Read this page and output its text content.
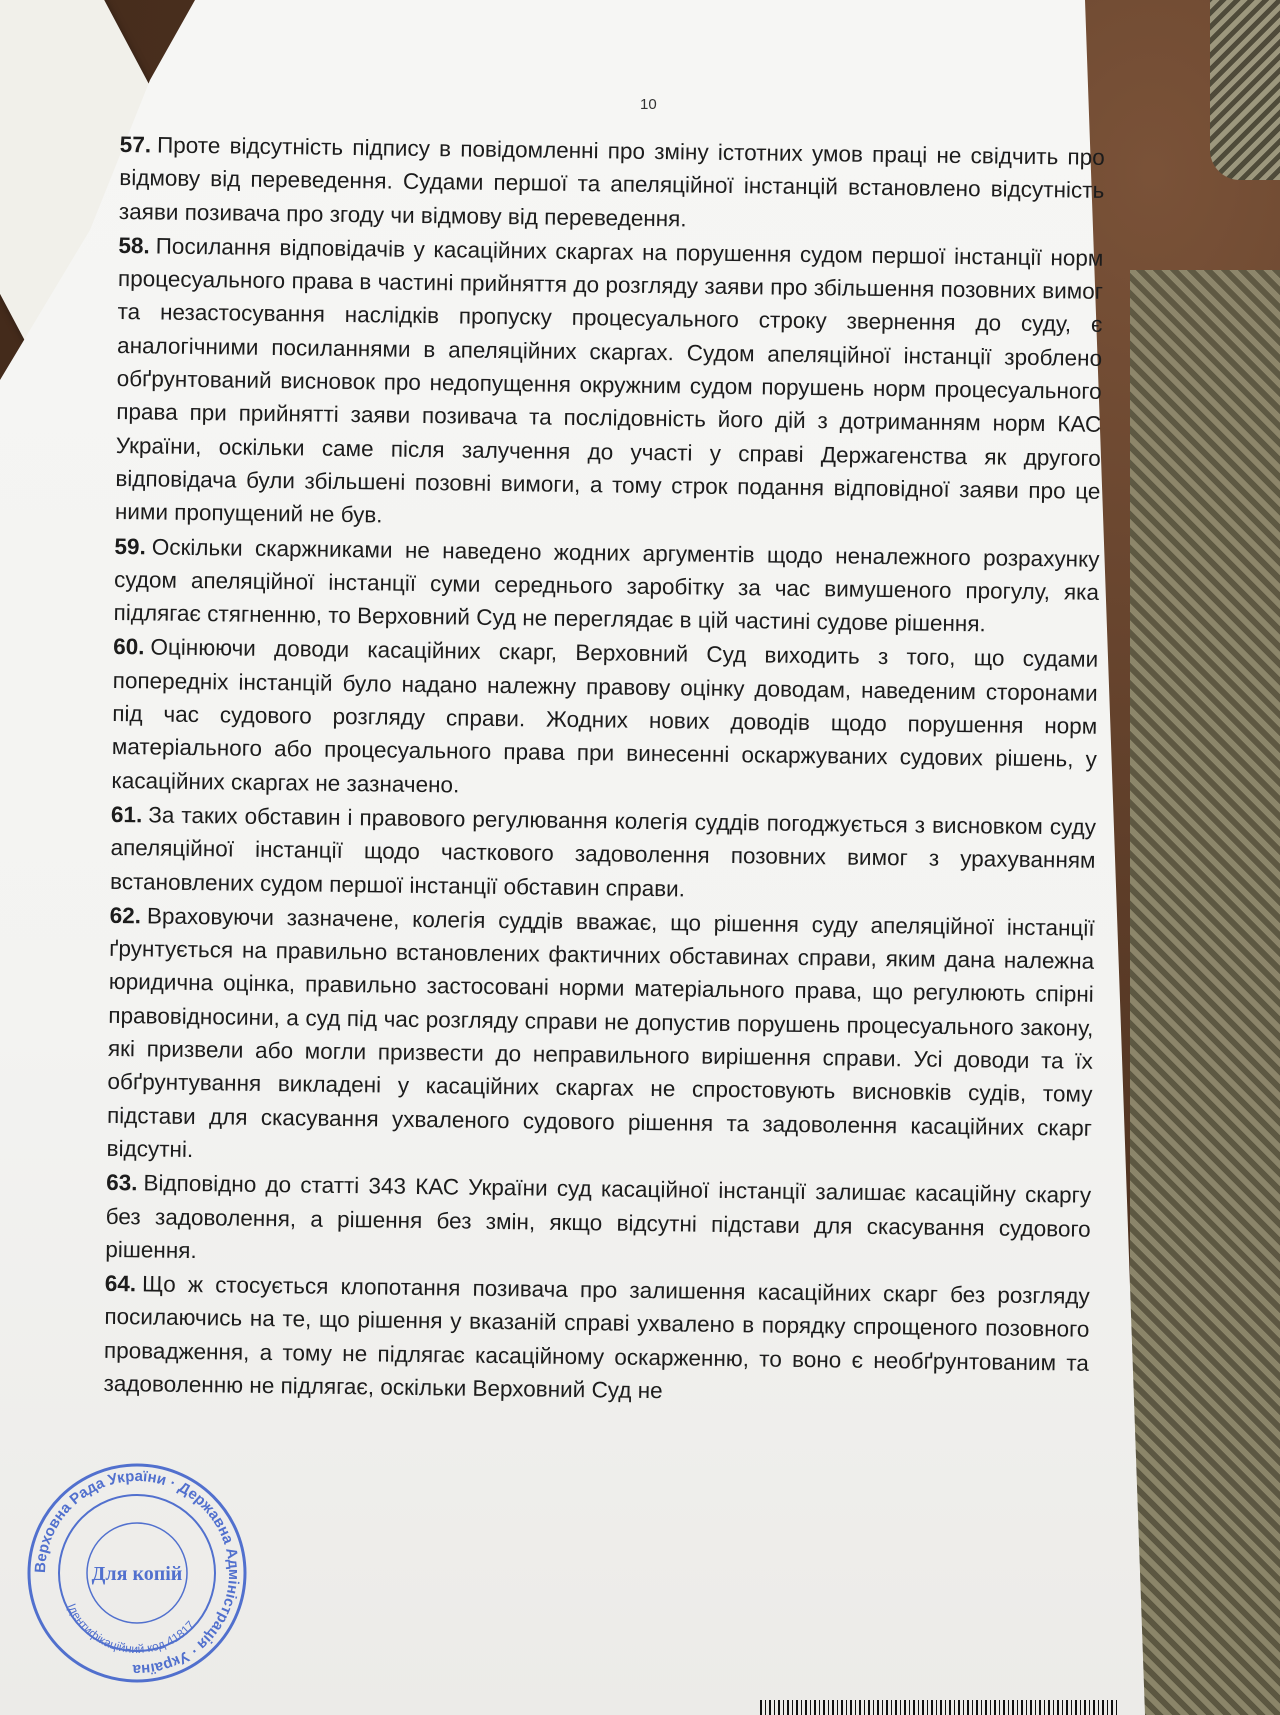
10

57. Проте відсутність підпису в повідомленні про зміну істотних умов праці не свідчить про відмову від переведення. Судами першої та апеляційної інстанцій встановлено відсутність заяви позивача про згоду чи відмову від переведення.

58. Посилання відповідачів у касаційних скаргах на порушення судом першої інстанції норм процесуального права в частині прийняття до розгляду заяви про збільшення позовних вимог та незастосування наслідків пропуску процесуального строку звернення до суду, є аналогічними посиланнями в апеляційних скаргах. Судом апеляційної інстанції зроблено обґрунтований висновок про недопущення окружним судом порушень норм процесуального права при прийнятті заяви позивача та послідовність його дій з дотриманням норм КАС України, оскільки саме після залучення до участі у справі Держагенства як другого відповідача були збільшені позовні вимоги, а тому строк подання відповідної заяви про це ними пропущений не був.

59. Оскільки скаржниками не наведено жодних аргументів щодо неналежного розрахунку судом апеляційної інстанції суми середнього заробітку за час вимушеного прогулу, яка підлягає стягненню, то Верховний Суд не переглядає в цій частині судове рішення.

60. Оцінюючи доводи касаційних скарг, Верховний Суд виходить з того, що судами попередніх інстанцій було надано належну правову оцінку доводам, наведеним сторонами під час судового розгляду справи. Жодних нових доводів щодо порушення норм матеріального або процесуального права при винесенні оскаржуваних судових рішень, у касаційних скаргах не зазначено.

61. За таких обставин і правового регулювання колегія суддів погоджується з висновком суду апеляційної інстанції щодо часткового задоволення позовних вимог з урахуванням встановлених судом першої інстанції обставин справи.

62. Враховуючи зазначене, колегія суддів вважає, що рішення суду апеляційної інстанції ґрунтується на правильно встановлених фактичних обставинах справи, яким дана належна юридична оцінка, правильно застосовані норми матеріального права, що регулюють спірні правовідносини, а суд під час розгляду справи не допустив порушень процесуального закону, які призвели або могли призвести до неправильного вирішення справи. Усі доводи та їх обґрунтування викладені у касаційних скаргах не спростовують висновків судів, тому підстави для скасування ухваленого судового рішення та задоволення касаційних скарг відсутні.

63. Відповідно до статті 343 КАС України суд касаційної інстанції залишає касаційну скаргу без задоволення, а рішення без змін, якщо відсутні підстави для скасування судового рішення.

64. Що ж стосується клопотання позивача про залишення касаційних скарг без розгляду посилаючись на те, що рішення у вказаній справі ухвалено в порядку спрощеного позовного провадження, а тому не підлягає касаційному оскарженню, то воно є необґрунтованим та задоволенню не підлягає, оскільки Верховний Суд не

Верховна Рада України · Державна Адміністрація · Україна
Ідентифікаційний код 41817
Для копій
